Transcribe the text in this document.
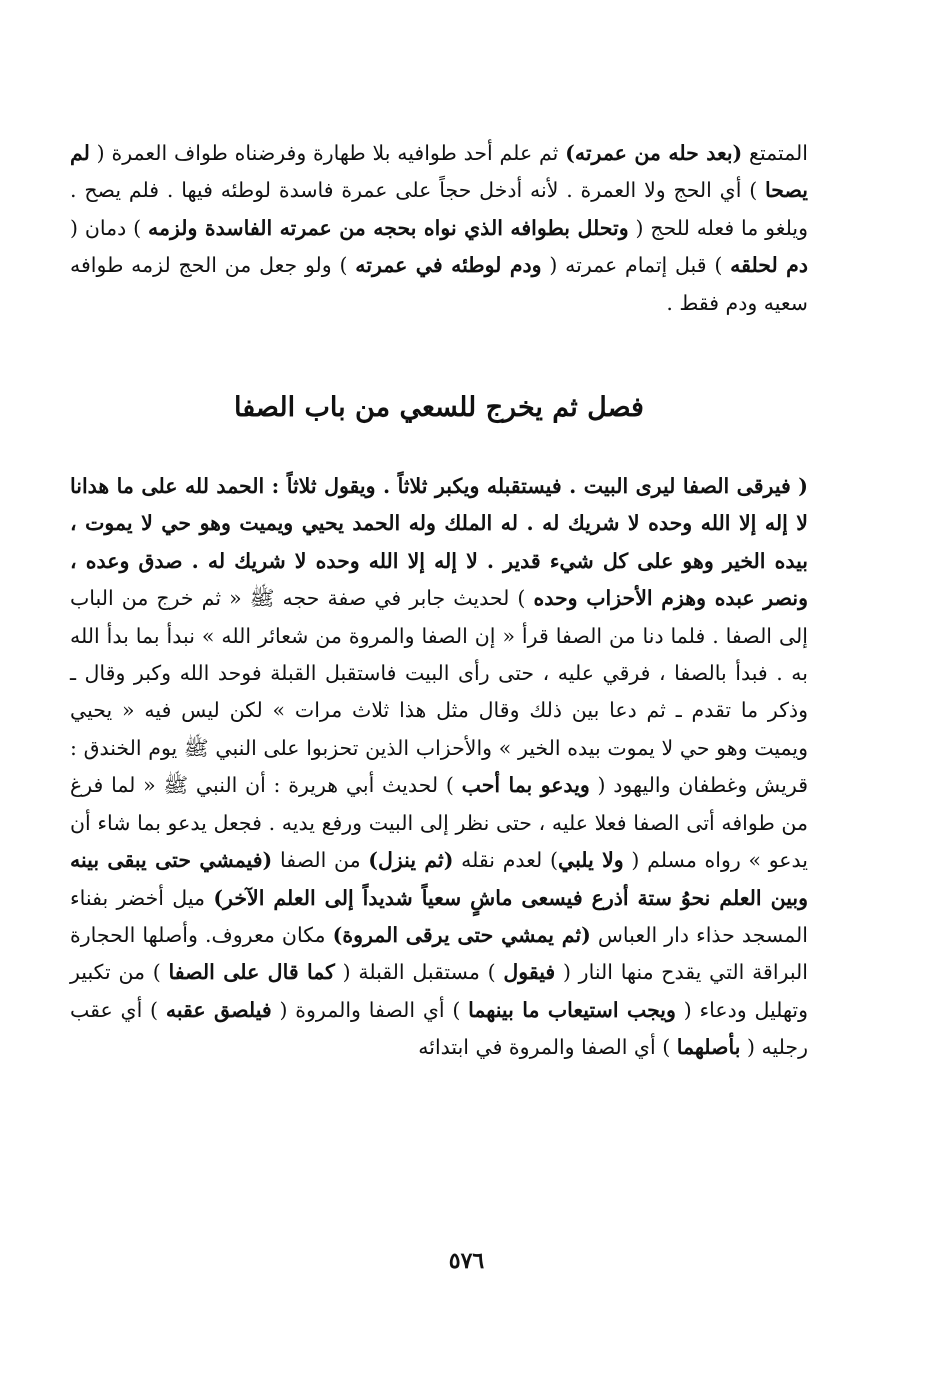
المتمتع (بعد حله من عمرته) ثم علم أحد طوافيه بلا طهارة وفرضناه طواف العمرة ( لم يصحا ) أي الحج ولا العمرة . لأنه أدخل حجاً على عمرة فاسدة لوطئه فيها . فلم يصح . ويلغو ما فعله للحج ( وتحلل بطوافه الذي نواه بحجه من عمرته الفاسدة ولزمه ) دمان ( دم لحلقه ) قبل إتمام عمرته ( ودم لوطئه في عمرته ) ولو جعل من الحج لزمه طوافه سعيه ودم فقط .

فصل ثم يخرج للسعي من باب الصفا

( فيرقى الصفا ليرى البيت . فيستقبله ويكبر ثلاثاً . ويقول ثلاثاً : الحمد لله على ما هدانا لا إله إلا الله وحده لا شريك له . له الملك وله الحمد يحيي ويميت وهو حي لا يموت ، بيده الخير وهو على كل شيء قدير . لا إله إلا الله وحده لا شريك له . صدق وعده ، ونصر عبده وهزم الأحزاب وحده ) لحديث جابر في صفة حجه ﷺ « ثم خرج من الباب إلى الصفا . فلما دنا من الصفا قرأ « إن الصفا والمروة من شعائر الله » نبدأ بما بدأ الله به . فبدأ بالصفا ، فرقي عليه ، حتى رأى البيت فاستقبل القبلة فوحد الله وكبر وقال ـ وذكر ما تقدم ـ ثم دعا بين ذلك وقال مثل هذا ثلاث مرات » لكن ليس فيه « يحيي ويميت وهو حي لا يموت بيده الخير » والأحزاب الذين تحزبوا على النبي ﷺ يوم الخندق : قريش وغطفان واليهود ( ويدعو بما أحب ) لحديث أبي هريرة : أن النبي ﷺ « لما فرغ من طوافه أتى الصفا فعلا عليه ، حتى نظر إلى البيت ورفع يديه . فجعل يدعو بما شاء أن يدعو » رواه مسلم ( ولا يلبي) لعدم نقله (ثم ينزل) من الصفا (فيمشي حتى يبقى بينه وبين العلم نحوُ ستة أذرع فيسعى ماشٍ سعياً شديداً إلى العلم الآخر) ميل أخضر بفناء المسجد حذاء دار العباس (ثم يمشي حتى يرقى المروة) مكان معروف. وأصلها الحجارة البراقة التي يقدح منها النار ( فيقول ) مستقبل القبلة ( كما قال على الصفا ) من تكبير وتهليل ودعاء ( ويجب استيعاب ما بينهما ) أي الصفا والمروة ( فيلصق عقبه ) أي عقب رجليه ( بأصلهما ) أي الصفا والمروة في ابتدائه

٥٧٦
